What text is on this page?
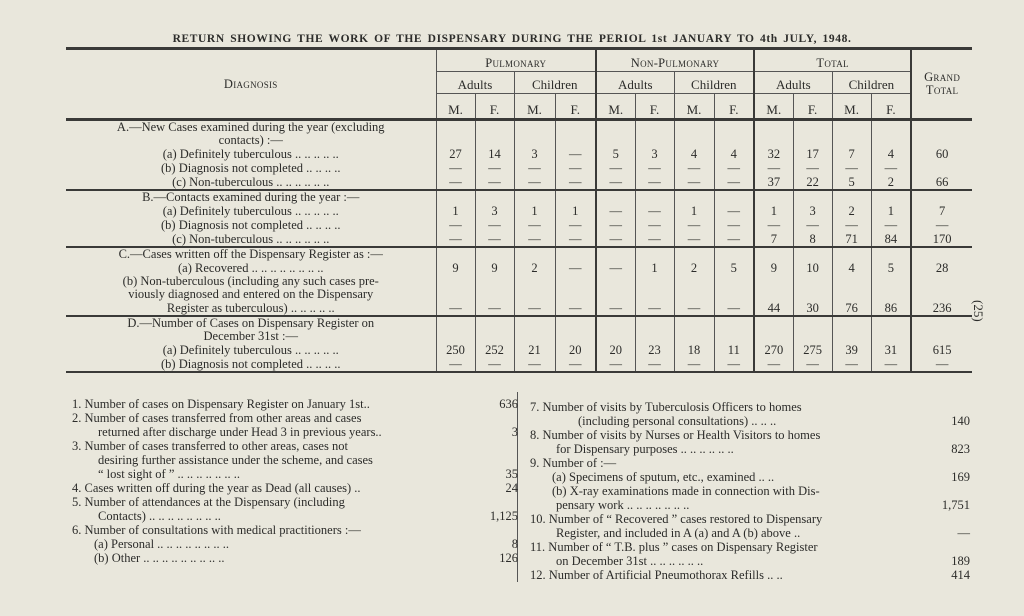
RETURN SHOWING THE WORK OF THE DISPENSARY DURING THE PERIOL 1st JANUARY TO 4th JULY, 1948.
Diagnosis	Pulmonary				Non-Pulmonary				Total				Grand
Total
	Adults		Children		Adults		Children		Adults		Children		
	M.	F.	M.	F.	M.	F.	M.	F.	M.	F.	M.	F.	
A.—New Cases examined during the year (excluding													
contacts) :—													
(a) Definitely tuberculous .. .. .. .. ..	27	14	3	—	5	3	4	4	32	17	7	4	60
(b) Diagnosis not completed .. .. .. ..	—	—	—	—	—	—	—	—	—	—	—	—	
(c) Non-tuberculous .. .. .. .. .. ..	—	—	—	—	—	—	—	—	37	22	5	2	66
B.—Contacts examined during the year :—													
(a) Definitely tuberculous .. .. .. .. ..	1	3	1	1	—	—	1	—	1	3	2	1	7
(b) Diagnosis not completed .. .. .. ..	—	—	—	—	—	—	—	—	—	—	—	—	—
(c) Non-tuberculous .. .. .. .. .. ..	—	—	—	—	—	—	—	—	7	8	71	84	170
C.—Cases written off the Dispensary Register as :—													
(a) Recovered .. .. .. .. .. .. .. ..	9	9	2	—	—	1	2	5	9	10	4	5	28
(b) Non-tuberculous (including any such cases pre-													
viously diagnosed and entered on the Dispensary													
Register as tuberculous) .. .. .. .. ..	—	—	—	—	—	—	—	—	44	30	76	86	236
D.—Number of Cases on Dispensary Register on													
December 31st :—													
(a) Definitely tuberculous .. .. .. .. ..	250	252	21	20	20	23	18	11	270	275	39	31	615
(b) Diagnosis not completed .. .. .. ..	—	—	—	—	—	—	—	—	—	—	—	—	—
1. Number of cases on Dispensary Register on January 1st..	636
2. Number of cases transferred from other areas and cases
returned after discharge under Head 3 in previous years..	3
3. Number of cases transferred to other areas, cases not
desiring further assistance under the scheme, and cases
“ lost sight of ” .. .. .. .. .. .. ..	35
4. Cases written off during the year as Dead (all causes) ..	24
5. Number of attendances at the Dispensary (including
Contacts) .. .. .. .. .. .. .. ..	1,125
6. Number of consultations with medical practitioners :—
(a) Personal .. .. .. .. .. .. .. ..	8
(b) Other .. .. .. .. .. .. .. .. ..	126
7. Number of visits by Tuberculosis Officers to homes
(including personal consultations) .. .. ..	140
8. Number of visits by Nurses or Health Visitors to homes
for Dispensary purposes .. .. .. .. .. ..	823
9. Number of :—
(a) Specimens of sputum, etc., examined .. ..	169
(b) X-ray examinations made in connection with Dis-
pensary work .. .. .. .. .. .. ..	1,751
10. Number of “ Recovered ” cases restored to Dispensary
Register, and included in A (a) and A (b) above ..	—
11. Number of “ T.B. plus ” cases on Dispensary Register
on December 31st .. .. .. .. .. ..	189
12. Number of Artificial Pneumothorax Refills .. ..	414
(25)
